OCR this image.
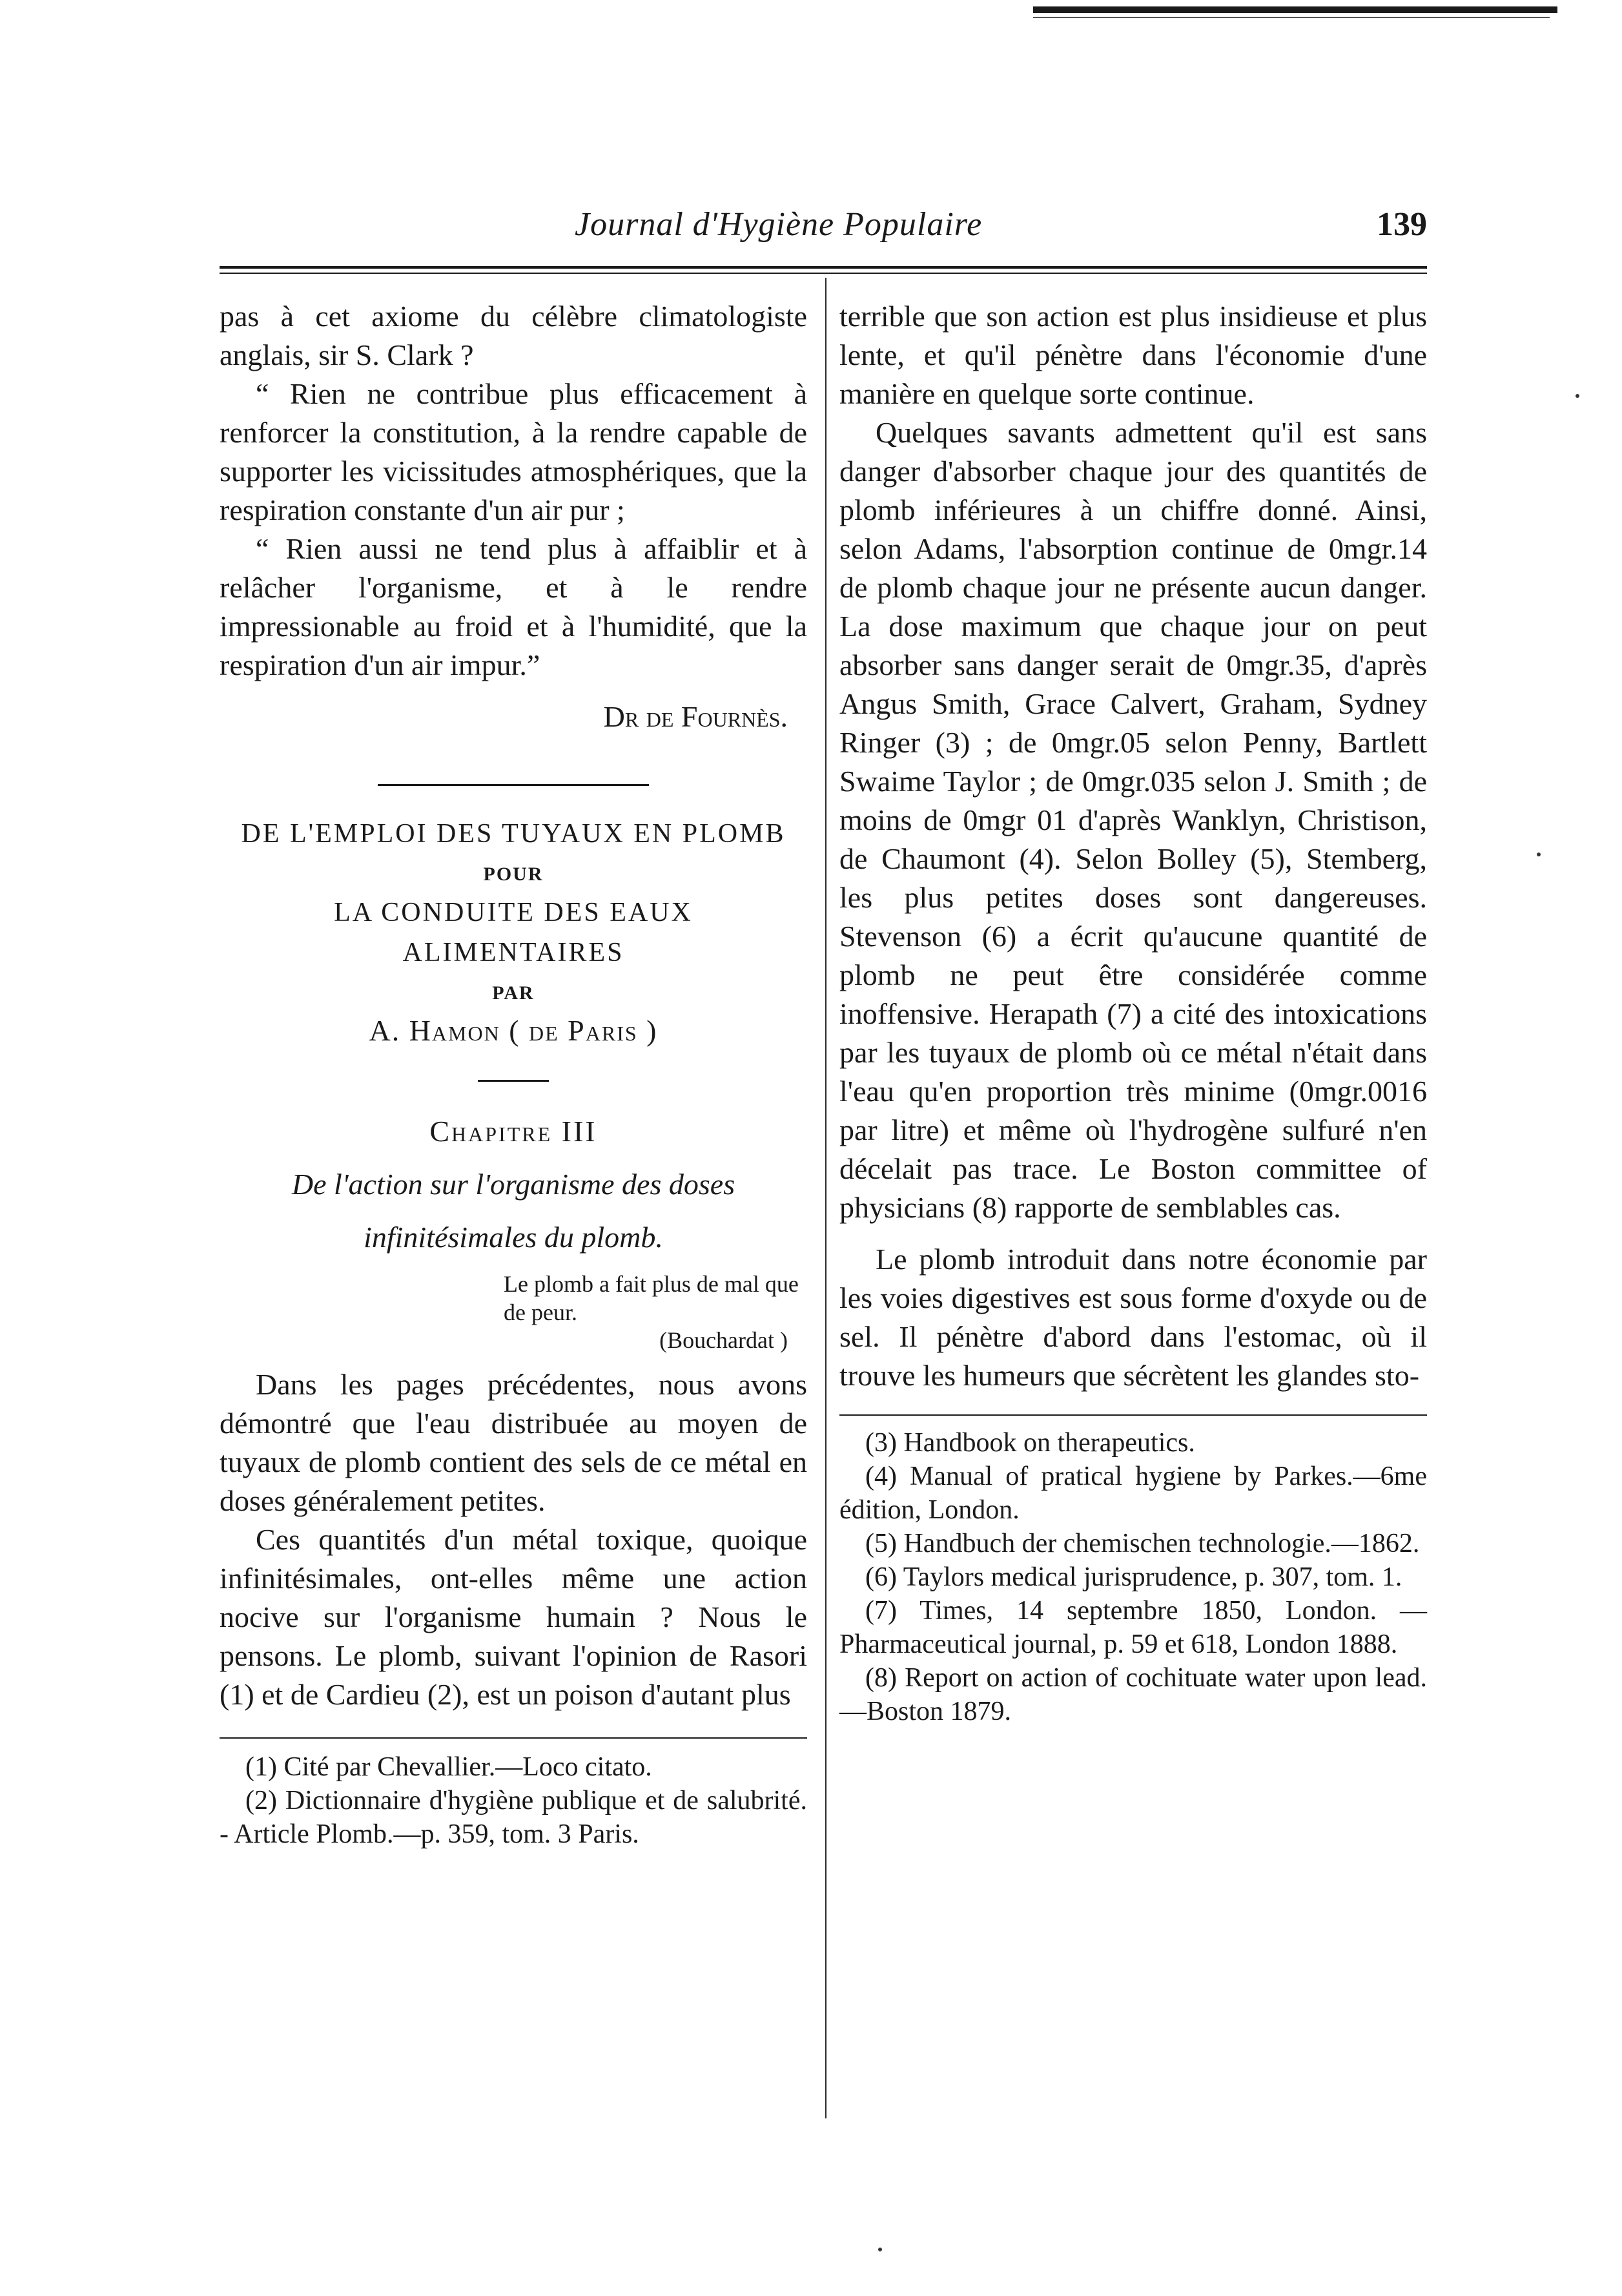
Journal d'Hygiène Populaire	139

pas à cet axiome du célèbre climatologiste anglais, sir S. Clark ?

“ Rien ne contribue plus efficacement à renforcer la constitution, à la rendre capable de supporter les vicissitudes atmosphériques, que la respiration constante d'un air pur ;

“ Rien aussi ne tend plus à affaiblir et à relâcher l'organisme, et à le rendre impressionable au froid et à l'humidité, que la respiration d'un air impur.”

Dr de Fournès.
DE L'EMPLOI DES TUYAUX EN PLOMB
POUR
LA CONDUITE DES EAUX
ALIMENTAIRES
PAR
A. Hamon ( de Paris )
Chapitre III
De l'action sur l'organisme des doses
infinitésimales du plomb.
Le plomb a fait plus de mal que de peur.
(Bouchardat )

Dans les pages précédentes, nous avons démontré que l'eau distribuée au moyen de tuyaux de plomb contient des sels de ce métal en doses généralement petites.

Ces quantités d'un métal toxique, quoique infinitésimales, ont-elles même une action nocive sur l'organisme humain ? Nous le pensons. Le plomb, suivant l'opinion de Rasori (1) et de Cardieu (2), est un poison d'autant plus

(1) Cité par Chevallier.—Loco citato.

(2) Dictionnaire d'hygiène publique et de salubrité. - Article Plomb.—p. 359, tom. 3 Paris.

terrible que son action est plus insidieuse et plus lente, et qu'il pénètre dans l'économie d'une manière en quelque sorte continue.

Quelques savants admettent qu'il est sans danger d'absorber chaque jour des quantités de plomb inférieures à un chiffre donné. Ainsi, selon Adams, l'absorption continue de 0mgr.14 de plomb chaque jour ne présente aucun danger. La dose maximum que chaque jour on peut absorber sans danger serait de 0mgr.35, d'après Angus Smith, Grace Calvert, Graham, Sydney Ringer (3) ; de 0mgr.05 selon Penny, Bartlett Swaime Taylor ; de 0mgr.035 selon J. Smith ; de moins de 0mgr 01 d'après Wanklyn, Christison, de Chaumont (4). Selon Bolley (5), Stemberg, les plus petites doses sont dangereuses. Stevenson (6) a écrit qu'aucune quantité de plomb ne peut être considérée comme inoffensive. Herapath (7) a cité des intoxications par les tuyaux de plomb où ce métal n'était dans l'eau qu'en proportion très minime (0mgr.0016 par litre) et même où l'hydrogène sulfuré n'en décelait pas trace. Le Boston committee of physicians (8) rapporte de semblables cas.

Le plomb introduit dans notre économie par les voies digestives est sous forme d'oxyde ou de sel. Il pénètre d'abord dans l'estomac, où il trouve les humeurs que sécrètent les glandes sto-

(3) Handbook on therapeutics.

(4) Manual of pratical hygiene by Parkes.—6me édition, London.

(5) Handbuch der chemischen technologie.—1862.

(6) Taylors medical jurisprudence, p. 307, tom. 1.

(7) Times, 14 septembre 1850, London. —Pharmaceutical journal, p. 59 et 618, London 1888.

(8) Report on action of cochituate water upon lead.—Boston 1879.
